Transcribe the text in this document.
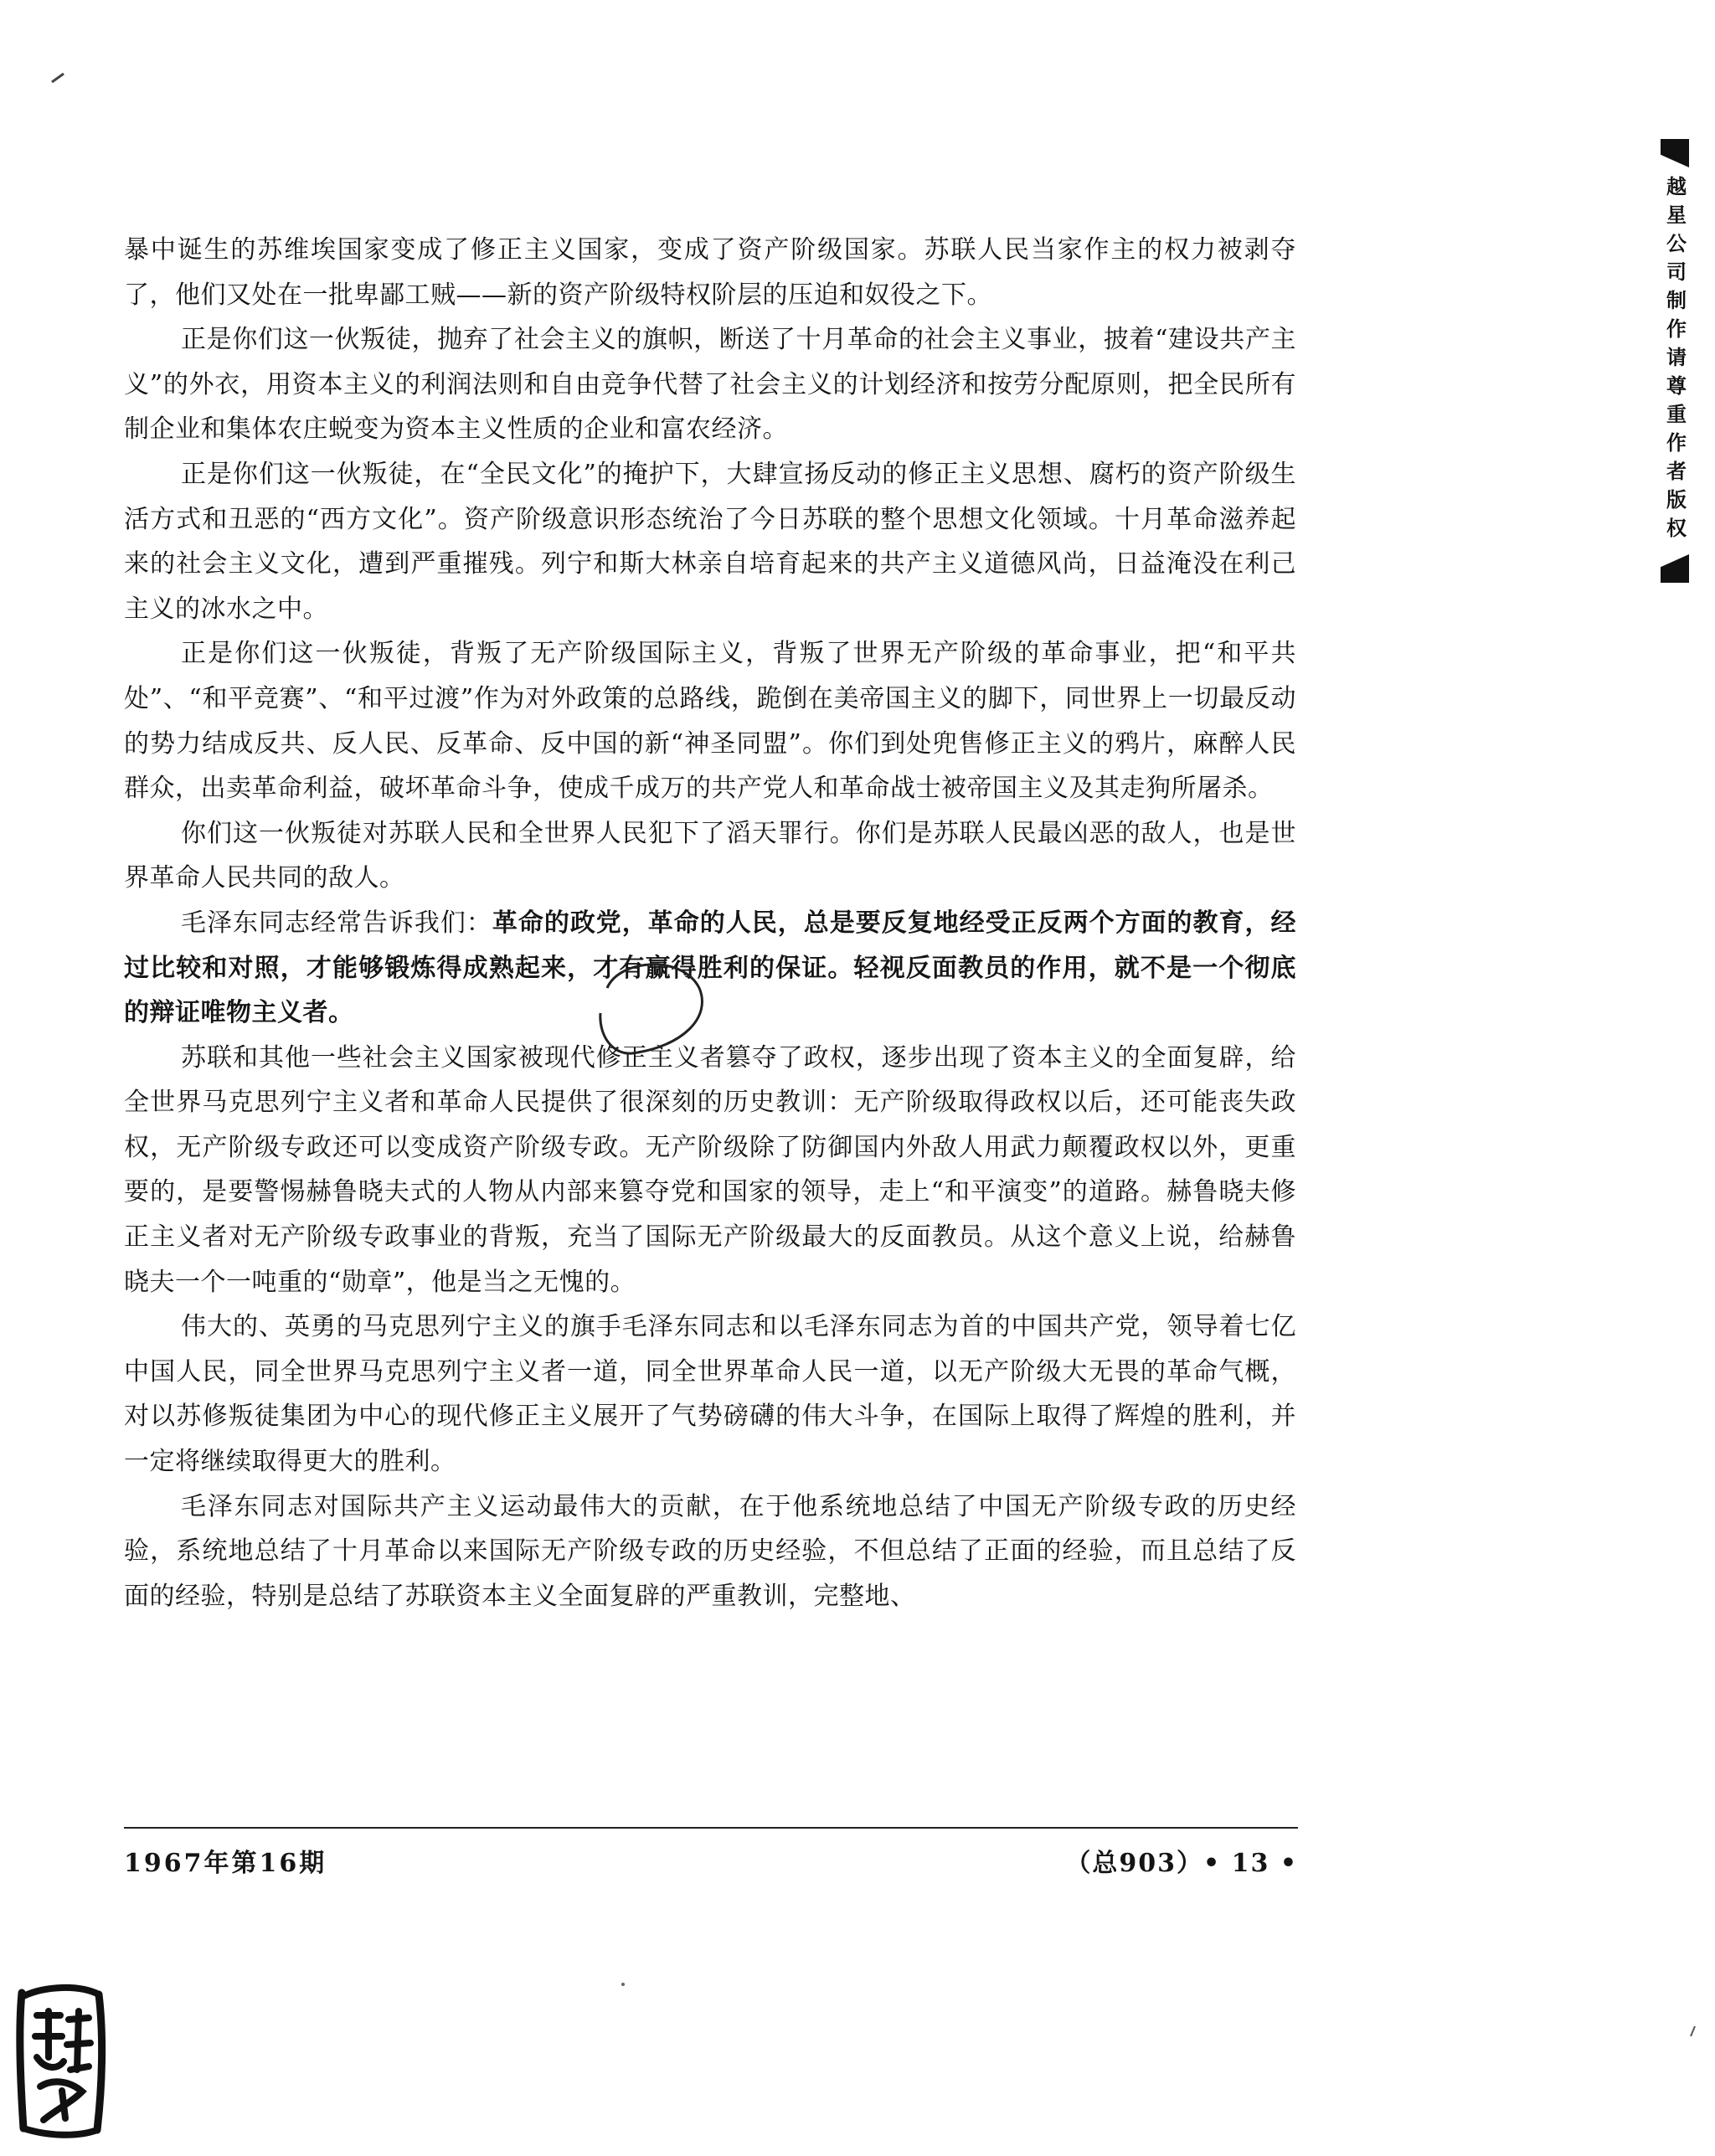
暴中诞生的苏维埃国家变成了修正主义国家，变成了资产阶级国家。苏联人民当家作主的权力被剥夺了，他们又处在一批卑鄙工贼——新的资产阶级特权阶层的压迫和奴役之下。

正是你们这一伙叛徒，抛弃了社会主义的旗帜，断送了十月革命的社会主义事业，披着“建设共产主义”的外衣，用资本主义的利润法则和自由竞争代替了社会主义的计划经济和按劳分配原则，把全民所有制企业和集体农庄蜕变为资本主义性质的企业和富农经济。

正是你们这一伙叛徒，在“全民文化”的掩护下，大肆宣扬反动的修正主义思想、腐朽的资产阶级生活方式和丑恶的“西方文化”。资产阶级意识形态统治了今日苏联的整个思想文化领域。十月革命滋养起来的社会主义文化，遭到严重摧残。列宁和斯大林亲自培育起来的共产主义道德风尚，日益淹没在利己主义的冰水之中。

正是你们这一伙叛徒，背叛了无产阶级国际主义，背叛了世界无产阶级的革命事业，把“和平共处”、“和平竞赛”、“和平过渡”作为对外政策的总路线，跪倒在美帝国主义的脚下，同世界上一切最反动的势力结成反共、反人民、反革命、反中国的新“神圣同盟”。你们到处兜售修正主义的鸦片，麻醉人民群众，出卖革命利益，破坏革命斗争，使成千成万的共产党人和革命战士被帝国主义及其走狗所屠杀。

你们这一伙叛徒对苏联人民和全世界人民犯下了滔天罪行。你们是苏联人民最凶恶的敌人，也是世界革命人民共同的敌人。

毛泽东同志经常告诉我们：革命的政党，革命的人民，总是要反复地经受正反两个方面的教育，经过比较和对照，才能够锻炼得成熟起来，才有赢得胜利的保证。轻视反面教员的作用，就不是一个彻底的辩证唯物主义者。

苏联和其他一些社会主义国家被现代修正主义者篡夺了政权，逐步出现了资本主义的全面复辟，给全世界马克思列宁主义者和革命人民提供了很深刻的历史教训：无产阶级取得政权以后，还可能丧失政权，无产阶级专政还可以变成资产阶级专政。无产阶级除了防御国内外敌人用武力颠覆政权以外，更重要的，是要警惕赫鲁晓夫式的人物从内部来篡夺党和国家的领导，走上“和平演变”的道路。赫鲁晓夫修正主义者对无产阶级专政事业的背叛，充当了国际无产阶级最大的反面教员。从这个意义上说，给赫鲁晓夫一个一吨重的“勋章”，他是当之无愧的。

伟大的、英勇的马克思列宁主义的旗手毛泽东同志和以毛泽东同志为首的中国共产党，领导着七亿中国人民，同全世界马克思列宁主义者一道，同全世界革命人民一道，以无产阶级大无畏的革命气概，对以苏修叛徒集团为中心的现代修正主义展开了气势磅礴的伟大斗争，在国际上取得了辉煌的胜利，并一定将继续取得更大的胜利。

毛泽东同志对国际共产主义运动最伟大的贡献，在于他系统地总结了中国无产阶级专政的历史经验，系统地总结了十月革命以来国际无产阶级专政的历史经验，不但总结了正面的经验，而且总结了反面的经验，特别是总结了苏联资本主义全面复辟的严重教训，完整地、

1967年第16期	（总903）• 13 •
越星公司制作请尊重作者版权
